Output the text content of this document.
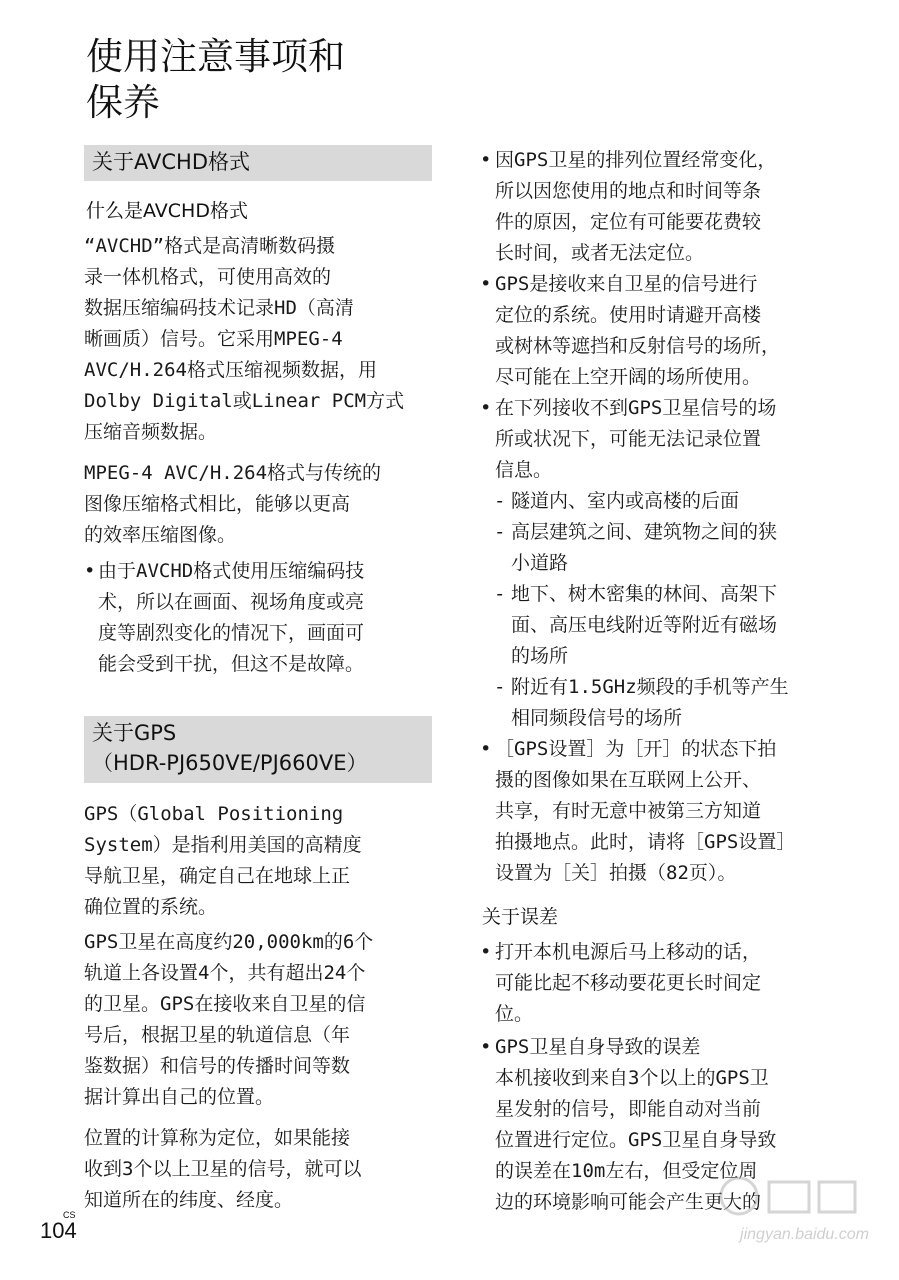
使用注意事项和
保养
关于AVCHD格式
什么是AVCHD格式
“AVCHD”格式是高清晰数码摄
录一体机格式，可使用高效的
数据压缩编码技术记录HD（高清
晰画质）信号。它采用MPEG-4
AVC/H.264格式压缩视频数据，用
Dolby Digital或Linear PCM方式
压缩音频数据。
MPEG-4 AVC/H.264格式与传统的
图像压缩格式相比，能够以更高
的效率压缩图像。
• 由于AVCHD格式使用压缩编码技
术，所以在画面、视场角度或亮
度等剧烈变化的情况下，画面可
能会受到干扰，但这不是故障。
关于GPS
（HDR-PJ650VE/PJ660VE）
GPS（Global Positioning
System）是指利用美国的高精度
导航卫星，确定自己在地球上正
确位置的系统。
GPS卫星在高度约20,000km的6个
轨道上各设置4个，共有超出24个
的卫星。GPS在接收来自卫星的信
号后，根据卫星的轨道信息（年
鉴数据）和信号的传播时间等数
据计算出自己的位置。
位置的计算称为定位，如果能接
收到3个以上卫星的信号，就可以
知道所在的纬度、经度。
• 因GPS卫星的排列位置经常变化，
所以因您使用的地点和时间等条
件的原因，定位有可能要花费较
长时间，或者无法定位。
• GPS是接收来自卫星的信号进行
定位的系统。使用时请避开高楼
或树林等遮挡和反射信号的场所，
尽可能在上空开阔的场所使用。
• 在下列接收不到GPS卫星信号的场
所或状况下，可能无法记录位置
信息。
- 隧道内、室内或高楼的后面
- 高层建筑之间、建筑物之间的狭
小道路
- 地下、树木密集的林间、高架下
面、高压电线附近等附近有磁场
的场所
- 附近有1.5GHz频段的手机等产生
相同频段信号的场所
• ［GPS设置］为［开］的状态下拍
摄的图像如果在互联网上公开、
共享，有时无意中被第三方知道
拍摄地点。此时，请将［GPS设置］
设置为［关］拍摄（82页）。
关于误差
• 打开本机电源后马上移动的话，
可能比起不移动要花更长时间定
位。
• GPS卫星自身导致的误差
本机接收到来自3个以上的GPS卫
星发射的信号，即能自动对当前
位置进行定位。GPS卫星自身导致
的误差在10m左右，但受定位周
边的环境影响可能会产生更大的
CS
104	jingyan.baidu.com
